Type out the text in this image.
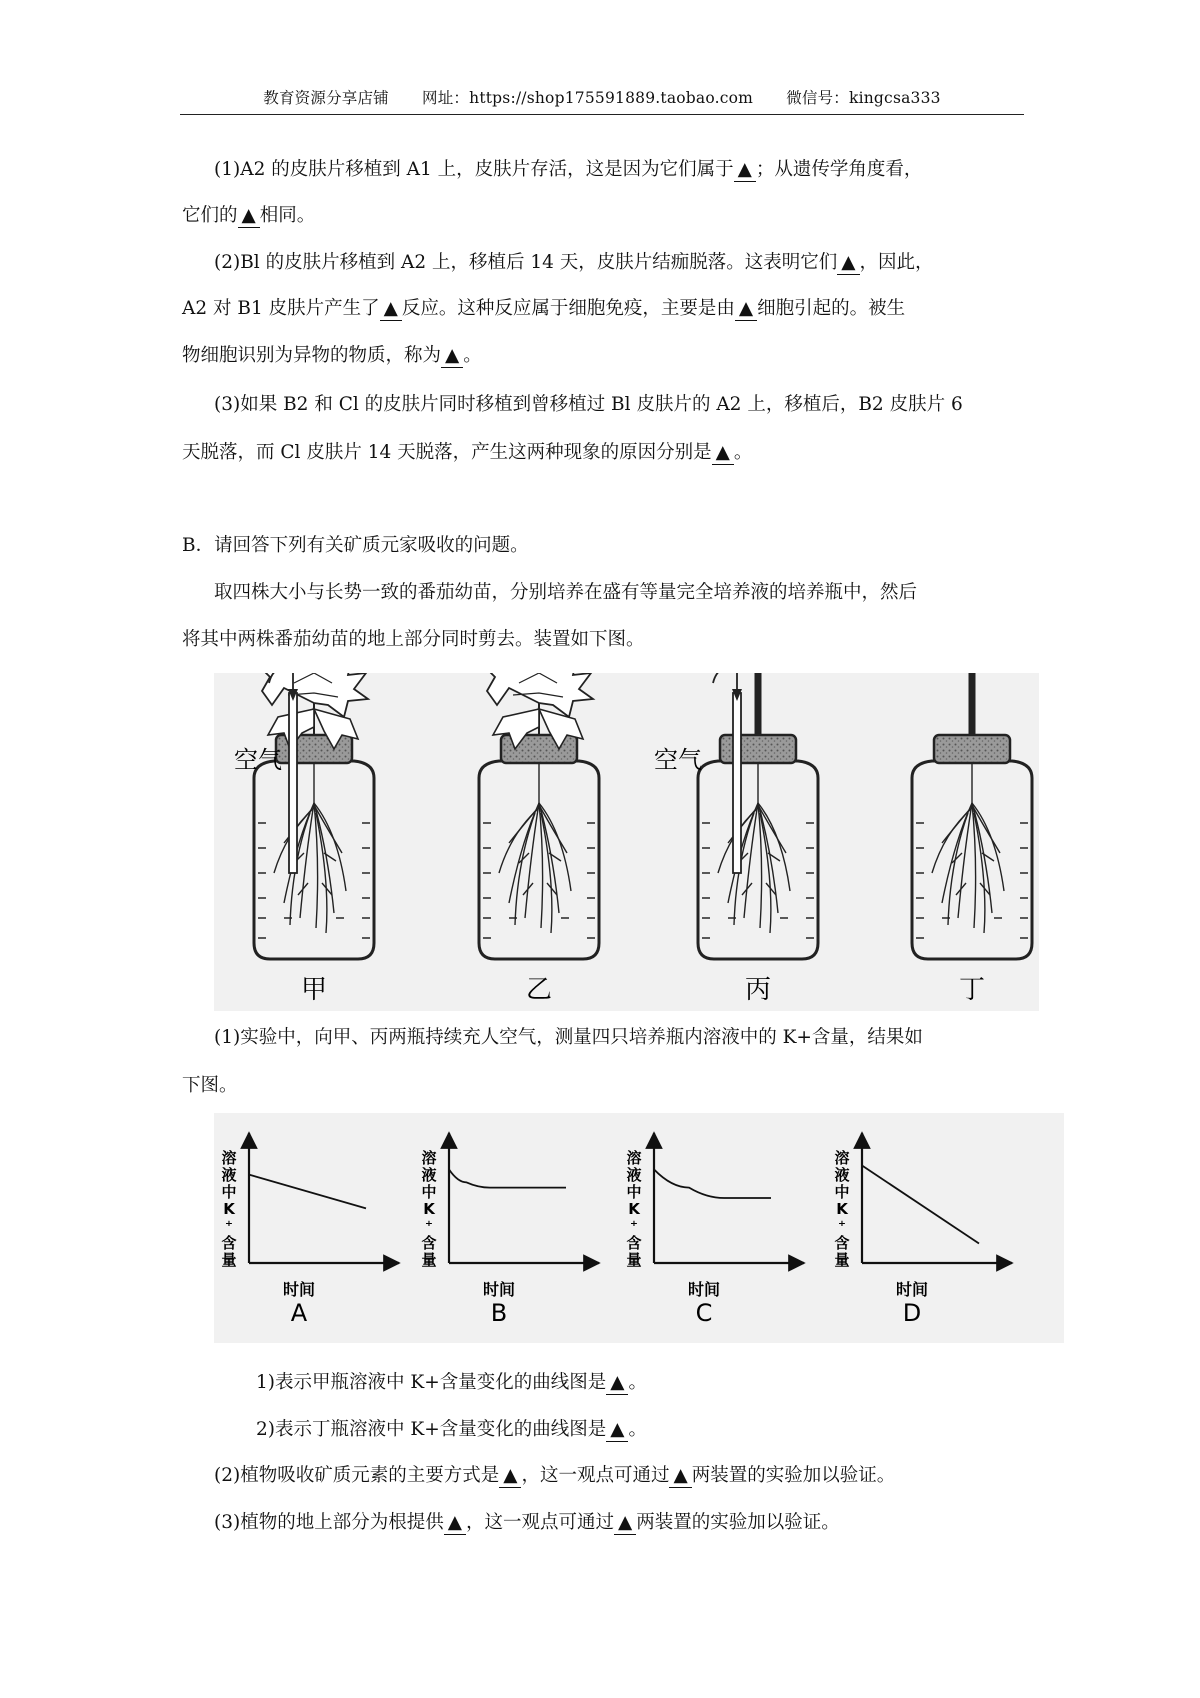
教育资源分享店铺 网址：https://shop175591889.taobao.com 微信号：kingcsa333
(1)A2 的皮肤片移植到 A1 上，皮肤片存活，这是因为它们属于 ▲ ；从遗传学角度看，
它们的 ▲ 相同。
(2)Bl 的皮肤片移植到 A2 上，移植后 14 天，皮肤片结痂脱落。这表明它们 ▲ ，因此，
A2 对 B1 皮肤片产生了 ▲ 反应。这种反应属于细胞免疫，主要是由 ▲ 细胞引起的。被生
物细胞识别为异物的物质，称为 ▲ 。
(3)如果 B2 和 Cl 的皮肤片同时移植到曾移植过 Bl 皮肤片的 A2 上，移植后，B2 皮肤片 6
天脱落，而 Cl 皮肤片 14 天脱落，产生这两种现象的原因分别是 ▲ 。
B．请回答下列有关矿质元家吸收的问题。
取四株大小与长势一致的番茄幼苗，分别培养在盛有等量完全培养液的培养瓶中，然后
将其中两株番茄幼苗的地上部分同时剪去。装置如下图。
空气	空气
甲	乙	丙	丁
(1)实验中，向甲、丙两瓶持续充人空气，测量四只培养瓶内溶液中的 K+含量，结果如
下图。
溶液中 K ⁺含量
时间
A
溶液中 K ⁺含量
时间
B
溶液中 K ⁺含量
时间
C
溶液中 K ⁺含量
时间
D
1)表示甲瓶溶液中 K+含量变化的曲线图是 ▲ 。
2)表示丁瓶溶液中 K+含量变化的曲线图是 ▲ 。
(2)植物吸收矿质元素的主要方式是 ▲ ，这一观点可通过 ▲ 两装置的实验加以验证。
(3)植物的地上部分为根提供 ▲ ，这一观点可通过 ▲ 两装置的实验加以验证。
